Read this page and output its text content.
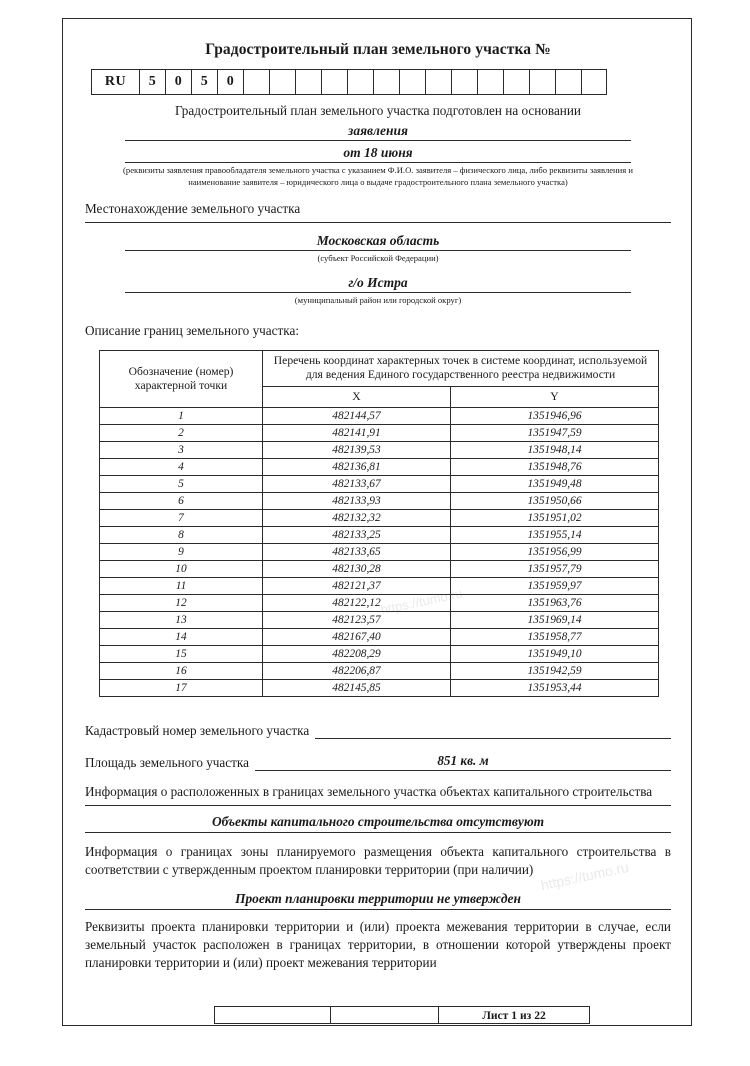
Градостроительный план земельного участка №
RU	5	0	5	0
Градостроительный план земельного участка подготовлен на основании
заявления
от 18 июня
(реквизиты заявления правообладателя земельного участка с указанием Ф.И.О. заявителя – физического лица, либо реквизиты заявления и наименование заявителя – юридического лица о выдаче градостроительного плана земельного участка)
Местонахождение земельного участка
Московская область
(субъект Российской Федерации)
г/о Истра
(муниципальный район или городской округ)
Описание границ земельного участка:
Обозначение (номер) характерной точки	Перечень координат характерных точек в системе координат, используемой для ведения Единого государственного реестра недвижимости	
	X	Y
1	482144,57	1351946,96
2	482141,91	1351947,59
3	482139,53	1351948,14
4	482136,81	1351948,76
5	482133,67	1351949,48
6	482133,93	1351950,66
7	482132,32	1351951,02
8	482133,25	1351955,14
9	482133,65	1351956,99
10	482130,28	1351957,79
11	482121,37	1351959,97
12	482122,12	1351963,76
13	482123,57	1351969,14
14	482167,40	1351958,77
15	482208,29	1351949,10
16	482206,87	1351942,59
17	482145,85	1351953,44
Кадастровый номер земельного участка

Площадь земельного участка	851 кв. м
Информация о расположенных в границах земельного участка объектах капитального строительства
Объекты капитального строительства отсутствуют
Информация о границах зоны планируемого размещения объекта капитального строительства в соответствии с утвержденным проектом планировки территории (при наличии)
Проект планировки территории не утвержден
Реквизиты проекта планировки территории и (или) проекта межевания территории в случае, если земельный участок расположен в границах территории, в отношении которой утверждены проект планировки территории и (или) проект межевания территории
Лист 1 из 22
https://tumo.ru
https://tumo.ru
